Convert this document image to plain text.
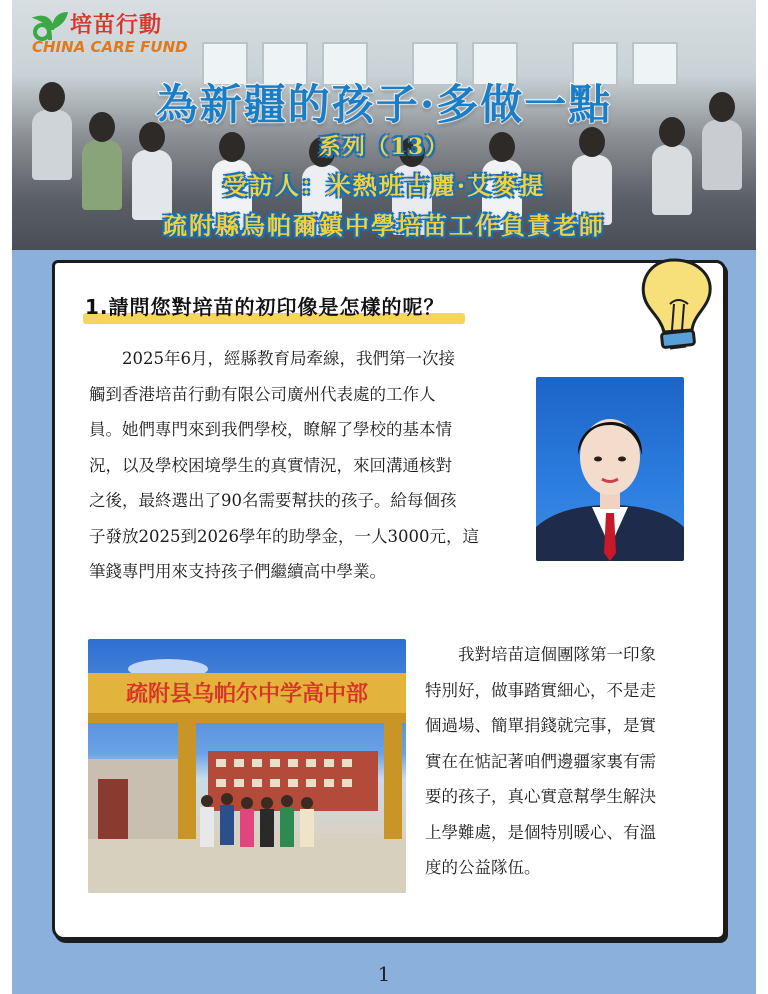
培苗行動
CHINA CARE FUND
為新疆的孩子·多做一點
系列（13）
受訪人：米熱班古麗·艾麥提
疏附縣烏帕爾鎮中學培苗工作負責老師
1.請問您對培苗的初印像是怎樣的呢？
　　2025年6月，經縣教育局牽線，我們第一次接
觸到香港培苗行動有限公司廣州代表處的工作人
員。她們專門來到我們學校，瞭解了學校的基本情
況，以及學校困境學生的真實情況，來回溝通核對
之後，最終選出了90名需要幫扶的孩子。給每個孩
子發放2025到2026學年的助學金，一人3000元，這
筆錢專門用來支持孩子們繼續高中學業。
疏附县乌帕尔中学高中部
　　我對培苗這個團隊第一印象
特別好，做事踏實細心，不是走
個過場、簡單捐錢就完事，是實
實在在惦記著咱們邊疆家裏有需
要的孩子，真心實意幫學生解決
上學難處，是個特別暖心、有溫
度的公益隊伍。
1
